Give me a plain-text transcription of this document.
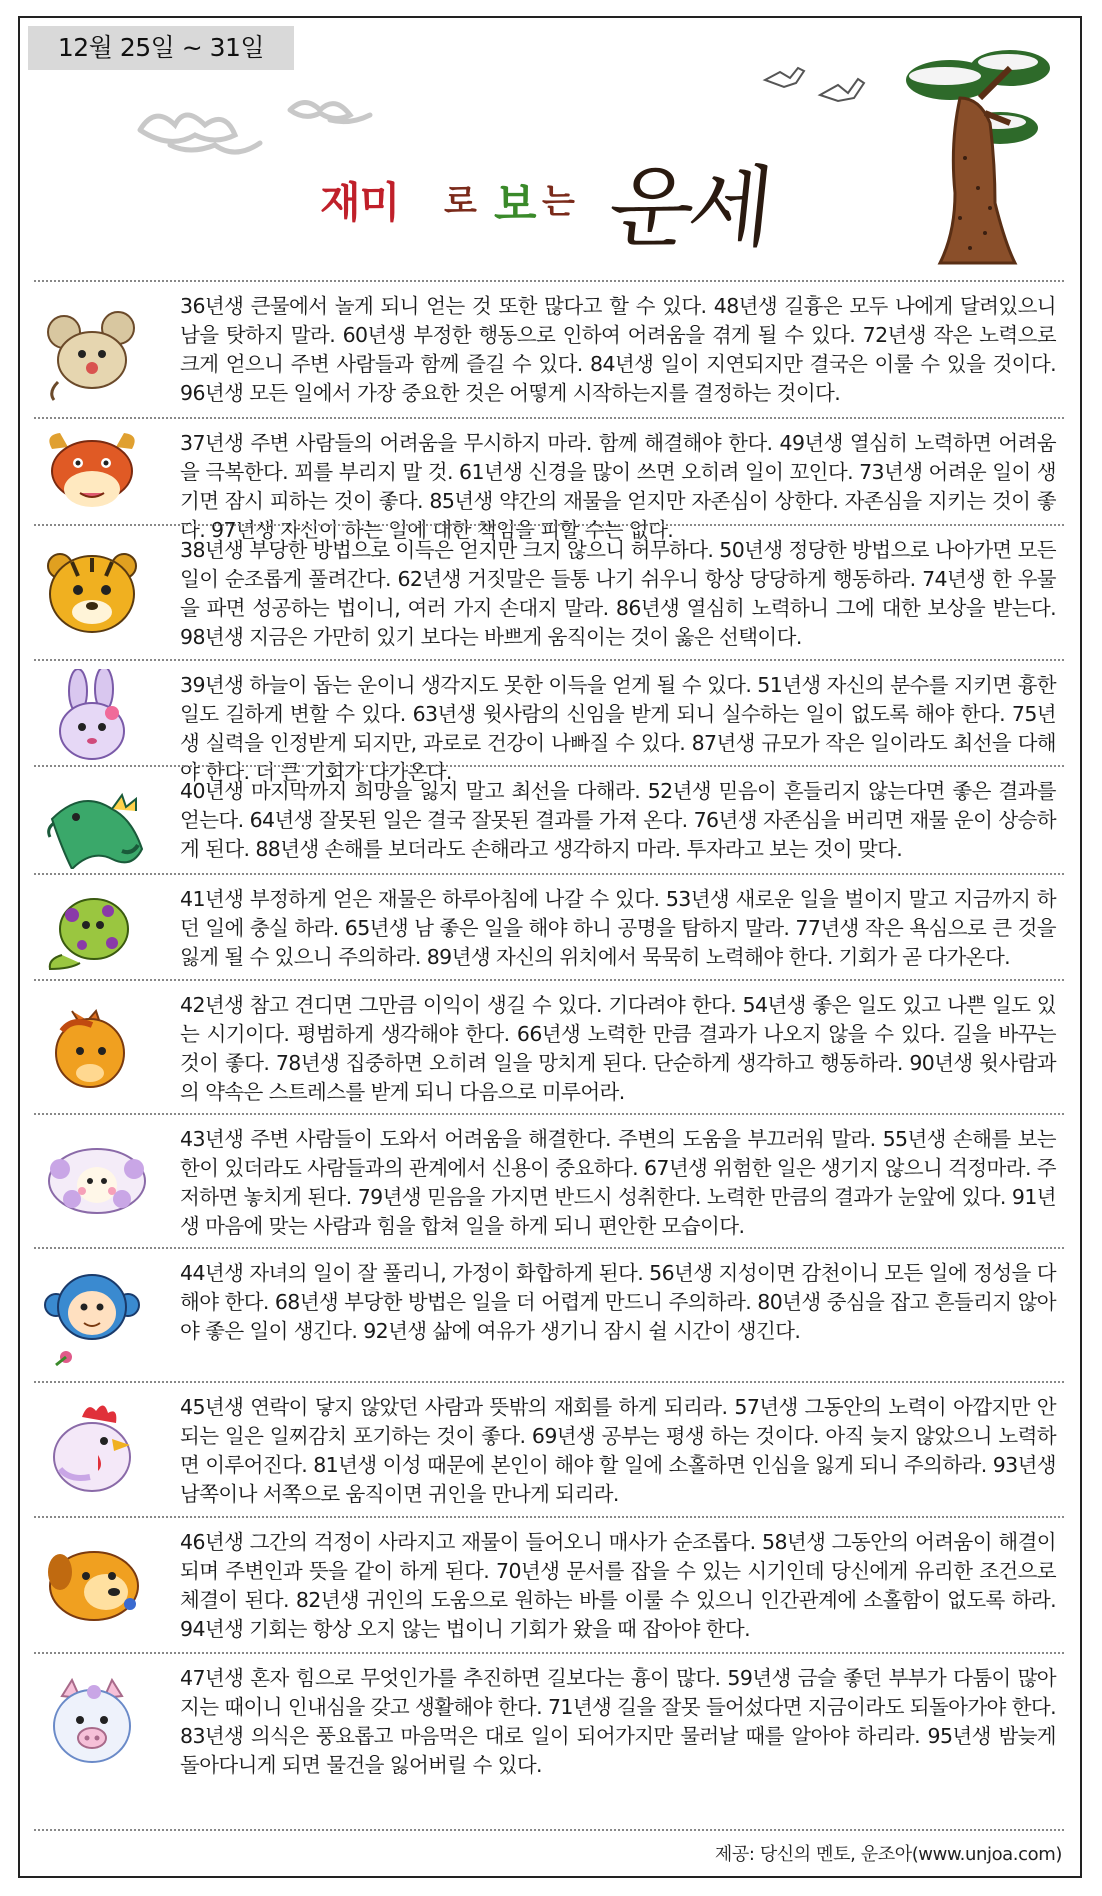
12월 25일 ~ 31일
재미 로 보 는 운세
36년생 큰물에서 놀게 되니 얻는 것 또한 많다고 할 수 있다. 48년생 길흉은 모두 나에게 달려있으니 남을 탓하지 말라. 60년생 부정한 행동으로 인하여 어려움을 겪게 될 수 있다. 72년생 작은 노력으로 크게 얻으니 주변 사람들과 함께 즐길 수 있다. 84년생 일이 지연되지만 결국은 이룰 수 있을 것이다. 96년생 모든 일에서 가장 중요한 것은 어떻게 시작하는지를 결정하는 것이다.
37년생 주변 사람들의 어려움을 무시하지 마라. 함께 해결해야 한다. 49년생 열심히 노력하면 어려움을 극복한다. 꾀를 부리지 말 것. 61년생 신경을 많이 쓰면 오히려 일이 꼬인다. 73년생 어려운 일이 생기면 잠시 피하는 것이 좋다. 85년생 약간의 재물을 얻지만 자존심이 상한다. 자존심을 지키는 것이 좋다. 97년생 자신이 하는 일에 대한 책임을 피할 수는 없다.
38년생 부당한 방법으로 이득은 얻지만 크지 않으니 허무하다. 50년생 정당한 방법으로 나아가면 모든 일이 순조롭게 풀려간다. 62년생 거짓말은 들통 나기 쉬우니 항상 당당하게 행동하라. 74년생 한 우물을 파면 성공하는 법이니, 여러 가지 손대지 말라. 86년생 열심히 노력하니 그에 대한 보상을 받는다. 98년생 지금은 가만히 있기 보다는 바쁘게 움직이는 것이 옳은 선택이다.
39년생 하늘이 돕는 운이니 생각지도 못한 이득을 얻게 될 수 있다. 51년생 자신의 분수를 지키면 흉한 일도 길하게 변할 수 있다. 63년생 윗사람의 신임을 받게 되니 실수하는 일이 없도록 해야 한다. 75년생 실력을 인정받게 되지만, 과로로 건강이 나빠질 수 있다. 87년생 규모가 작은 일이라도 최선을 다해야 한다. 더 큰 기회가 다가온다.
40년생 마지막까지 희망을 잃지 말고 최선을 다해라. 52년생 믿음이 흔들리지 않는다면 좋은 결과를 얻는다. 64년생 잘못된 일은 결국 잘못된 결과를 가져 온다. 76년생 자존심을 버리면 재물 운이 상승하게 된다. 88년생 손해를 보더라도 손해라고 생각하지 마라. 투자라고 보는 것이 맞다.
41년생 부정하게 얻은 재물은 하루아침에 나갈 수 있다. 53년생 새로운 일을 벌이지 말고 지금까지 하던 일에 충실 하라. 65년생 남 좋은 일을 해야 하니 공명을 탐하지 말라. 77년생 작은 욕심으로 큰 것을 잃게 될 수 있으니 주의하라. 89년생 자신의 위치에서 묵묵히 노력해야 한다. 기회가 곧 다가온다.
42년생 참고 견디면 그만큼 이익이 생길 수 있다. 기다려야 한다. 54년생 좋은 일도 있고 나쁜 일도 있는 시기이다. 평범하게 생각해야 한다. 66년생 노력한 만큼 결과가 나오지 않을 수 있다. 길을 바꾸는 것이 좋다. 78년생 집중하면 오히려 일을 망치게 된다. 단순하게 생각하고 행동하라. 90년생 윗사람과의 약속은 스트레스를 받게 되니 다음으로 미루어라.
43년생 주변 사람들이 도와서 어려움을 해결한다. 주변의 도움을 부끄러워 말라. 55년생 손해를 보는 한이 있더라도 사람들과의 관계에서 신용이 중요하다. 67년생 위험한 일은 생기지 않으니 걱정마라. 주저하면 놓치게 된다. 79년생 믿음을 가지면 반드시 성취한다. 노력한 만큼의 결과가 눈앞에 있다. 91년생 마음에 맞는 사람과 힘을 합쳐 일을 하게 되니 편안한 모습이다.
44년생 자녀의 일이 잘 풀리니, 가정이 화합하게 된다. 56년생 지성이면 감천이니 모든 일에 정성을 다해야 한다. 68년생 부당한 방법은 일을 더 어렵게 만드니 주의하라. 80년생 중심을 잡고 흔들리지 않아야 좋은 일이 생긴다. 92년생 삶에 여유가 생기니 잠시 쉴 시간이 생긴다.
45년생 연락이 닿지 않았던 사람과 뜻밖의 재회를 하게 되리라. 57년생 그동안의 노력이 아깝지만 안 되는 일은 일찌감치 포기하는 것이 좋다. 69년생 공부는 평생 하는 것이다. 아직 늦지 않았으니 노력하면 이루어진다. 81년생 이성 때문에 본인이 해야 할 일에 소홀하면 인심을 잃게 되니 주의하라. 93년생 남쪽이나 서쪽으로 움직이면 귀인을 만나게 되리라.
46년생 그간의 걱정이 사라지고 재물이 들어오니 매사가 순조롭다. 58년생 그동안의 어려움이 해결이 되며 주변인과 뜻을 같이 하게 된다. 70년생 문서를 잡을 수 있는 시기인데 당신에게 유리한 조건으로 체결이 된다. 82년생 귀인의 도움으로 원하는 바를 이룰 수 있으니 인간관계에 소홀함이 없도록 하라. 94년생 기회는 항상 오지 않는 법이니 기회가 왔을 때 잡아야 한다.
47년생 혼자 힘으로 무엇인가를 추진하면 길보다는 흉이 많다. 59년생 금슬 좋던 부부가 다툼이 많아지는 때이니 인내심을 갖고 생활해야 한다. 71년생 길을 잘못 들어섰다면 지금이라도 되돌아가야 한다. 83년생 의식은 풍요롭고 마음먹은 대로 일이 되어가지만 물러날 때를 알아야 하리라. 95년생 밤늦게 돌아다니게 되면 물건을 잃어버릴 수 있다.
제공: 당신의 멘토, 운조아(www.unjoa.com)
